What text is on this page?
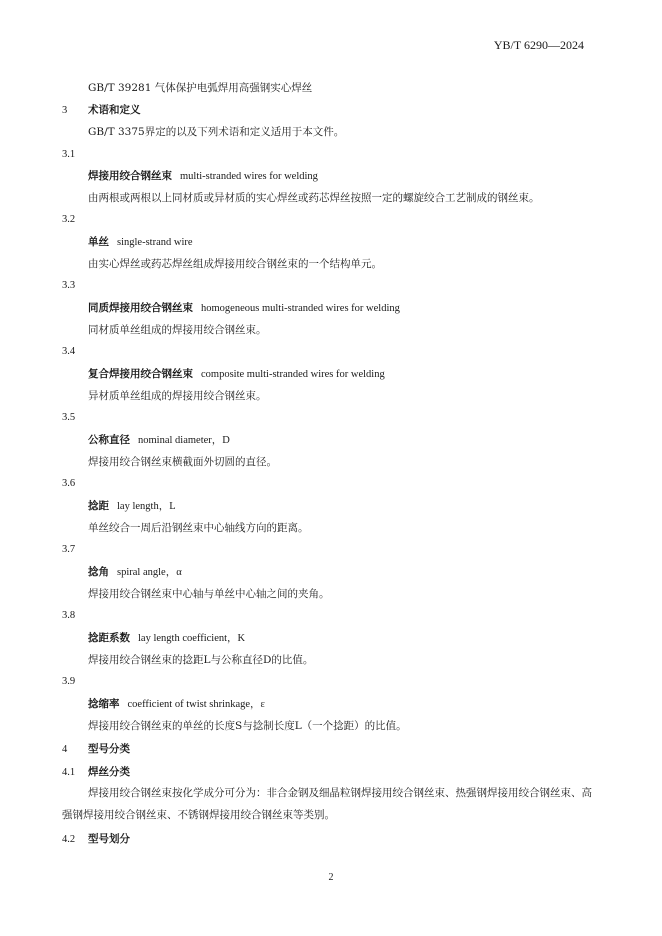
YB/T 6290—2024
GB/T 39281 气体保护电弧焊用高强钢实心焊丝
3 术语和定义
GB/T 3375界定的以及下列术语和定义适用于本文件。
3.1
焊接用绞合钢丝束 multi-stranded wires for welding
由两根或两根以上同材质或异材质的实心焊丝或药芯焊丝按照一定的螺旋绞合工艺制成的钢丝束。
3.2
单丝 single-strand wire
由实心焊丝或药芯焊丝组成焊接用绞合钢丝束的一个结构单元。
3.3
同质焊接用绞合钢丝束 homogeneous multi-stranded wires for welding
同材质单丝组成的焊接用绞合钢丝束。
3.4
复合焊接用绞合钢丝束 composite multi-stranded wires for welding
异材质单丝组成的焊接用绞合钢丝束。
3.5
公称直径 nominal diameter，D
焊接用绞合钢丝束横截面外切圆的直径。
3.6
捻距 lay length，L
单丝绞合一周后沿钢丝束中心轴线方向的距离。
3.7
捻角 spiral angle，α
焊接用绞合钢丝束中心轴与单丝中心轴之间的夹角。
3.8
捻距系数 lay length coefficient，K
焊接用绞合钢丝束的捻距L与公称直径D的比值。
3.9
捻缩率 coefficient of twist shrinkage，ε
焊接用绞合钢丝束的单丝的长度S与捻制长度L（一个捻距）的比值。
4 型号分类
4.1 焊丝分类
焊接用绞合钢丝束按化学成分可分为：非合金钢及细晶粒钢焊接用绞合钢丝束、热强钢焊接用绞合钢丝束、高强钢焊接用绞合钢丝束、不锈钢焊接用绞合钢丝束等类别。
4.2 型号划分
2
